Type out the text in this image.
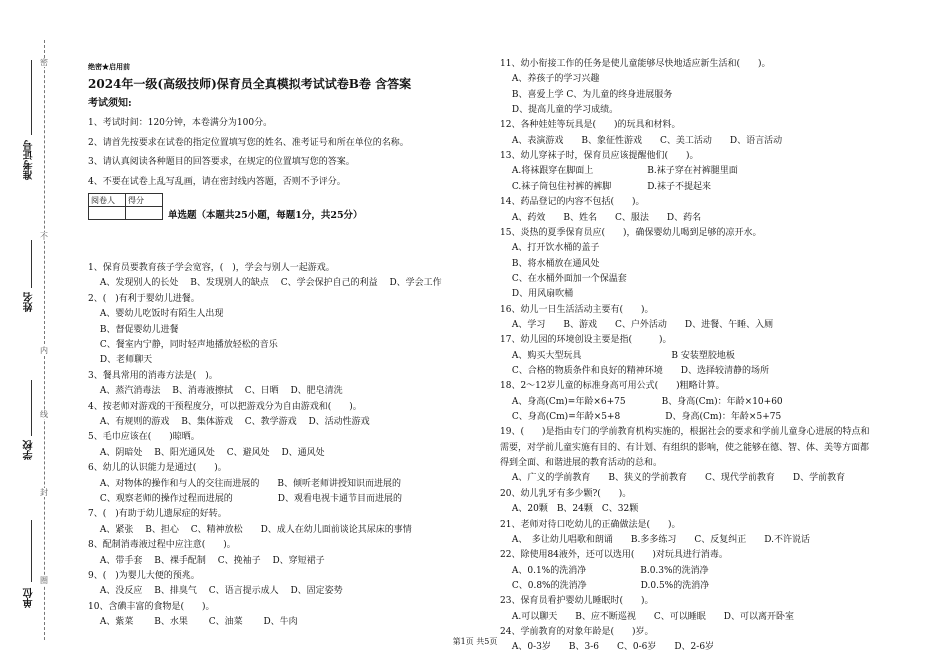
密
不
内
线
封
圈
准考证号
姓名
学校
单位
绝密★启用前
2024年一级(高级技师)保育员全真模拟考试试卷B卷 含答案
考试须知:
1、考试时间：120分钟，本卷满分为100分。
2、请首先按要求在试卷的指定位置填写您的姓名、准考证号和所在单位的名称。
3、请认真阅读各种题目的回答要求，在规定的位置填写您的答案。
4、不要在试卷上乱写乱画，请在密封线内答题，否则不予评分。
阅卷人	得分

单选题（本题共25小题，每题1分，共25分）
1、保育员要教育孩子学会宽容，(　)，学会与别人一起游戏。
　 A、发现别人的长处　 B、发现别人的缺点　 C、学会保护自己的利益　 D、学会工作
2、(　)有利于婴幼儿进餐。
　 A、婴幼儿吃饭时有陌生人出现
　 B、督促婴幼儿进餐
　 C、餐室内宁静，同时轻声地播放轻松的音乐
　 D、老师聊天
3、餐具常用的消毒方法是(　)。
　 A、蒸汽消毒法　 B、消毒液擦拭　 C、日晒　 D、肥皂清洗
4、按老师对游戏的干预程度分，可以把游戏分为自由游戏和(　　)。
　 A、有规则的游戏　 B、集体游戏　 C、教学游戏　 D、活动性游戏
5、毛巾应该在(　　)晾晒。
　 A、阴暗处　 B、阳光通风处　 C、避风处　 D、通风处
6、幼儿的认识能力是通过(　　)。
　 A、对物体的操作和与人的交往而进展的　　B、倾听老师讲授知识而进展的
　 C、观察老师的操作过程而进展的　　　　　D、观看电视卡通节目而进展的
7、(　)有助于幼儿遗尿症的好转。
　 A、紧张　 B、担心　 C、精神放松　　D、成人在幼儿面前谈论其尿床的事情
8、配制消毒液过程中应注意(　　)。
　 A、带手套　 B、裸手配制　 C、挽袖子　 D、穿短裙子
9、(　)为婴儿大便的预兆。
　 A、没反应　 B、排臭气　 C、语言提示成人　 D、固定姿势
10、含碘丰富的食物是(　　)。
　 A、紫菜　　 B、水果　　 C、油菜　　 D、牛肉
11、幼小衔接工作的任务是使儿童能够尽快地适应新生活和(　　)。
　 A、养孩子的学习兴趣
　 B、喜爱上学 C、为儿童的终身进展服务
　 D、提高儿童的学习成绩。
12、各种娃娃等玩具是(　　)的玩具和材料。
　 A、表演游戏　　B、象征性游戏　　C、美工活动　　D、语言活动
13、幼儿穿袜子时，保育员应该提醒他们(　　)。
　 A.将袜跟穿在脚面上　　　　　　B.袜子穿在衬裤腿里面
　 C.袜子筒包住衬裤的裤脚　　　　D.袜子不提起来
14、药品登记的内容不包括(　　)。
　 A、药效　　B、姓名　　C、服法　　D、药名
15、炎热的夏季保育员应(　　)，确保婴幼儿喝到足够的凉开水。
　 A、打开饮水桶的盖子
　 B、将水桶放在通风处
　 C、在水桶外面加一个保温套
　 D、用风扇吹桶
16、幼儿一日生活活动主要有(　　)。
　 A、学习　　B、游戏　　C、户外活动　　D、进餐、午睡、入厕
17、幼儿园的环境创设主要是指(　　　)。
　 A、购买大型玩具　　　　　　　　　　B 安装塑胶地板
　 C、合格的物质条件和良好的精神环境　　D、选择较清静的场所
18、2～12岁儿童的标准身高可用公式(　　)粗略计算。
　 A、身高(Cm)=年龄×6+75　　　　B、身高(Cm)：年龄×10+60
　 C、身高(Cm)=年龄×5+8　　　　　D、身高(Cm)：年龄×5+75
19、(　　)是指由专门的学前教育机构实施的，根据社会的要求和学前儿童身心进展的特点和
需要，对学前儿童实施有目的、有计划、有组织的影响，使之能够在德、智、体、美等方面都
得到全面、和谐进展的教育活动的总和。
　 A、广义的学前教育　　B、狭义的学前教育　　C、现代学前教育　　D、学前教育
20、幼儿乳牙有多少颗?(　　)。
　 A、20颗　B、24颗　C、32颗
21、老师对待口吃幼儿的正确做法是(　　)。
　 A、　多让幼儿唱歌和朗诵　　B.多多练习　　C、反复纠正　　D.不许说话
22、除使用84液外，还可以选用(　　)对玩具进行消毒。
　 A、0.1%的洗消净　　　　　　B.0.3%的洗消净
　 C、0.8%的洗消净　　　　　　D.0.5%的洗消净
23、保育员看护婴幼儿睡眠时(　　)。
　 A.可以聊天　　B、应不断巡视　　C、可以睡眠　　D、可以离开卧室
24、学前教育的对象年龄是(　　)岁。
　 A、0-3岁　　B、3-6　　C、0-6岁　　D、2-6岁
第1页 共5页
